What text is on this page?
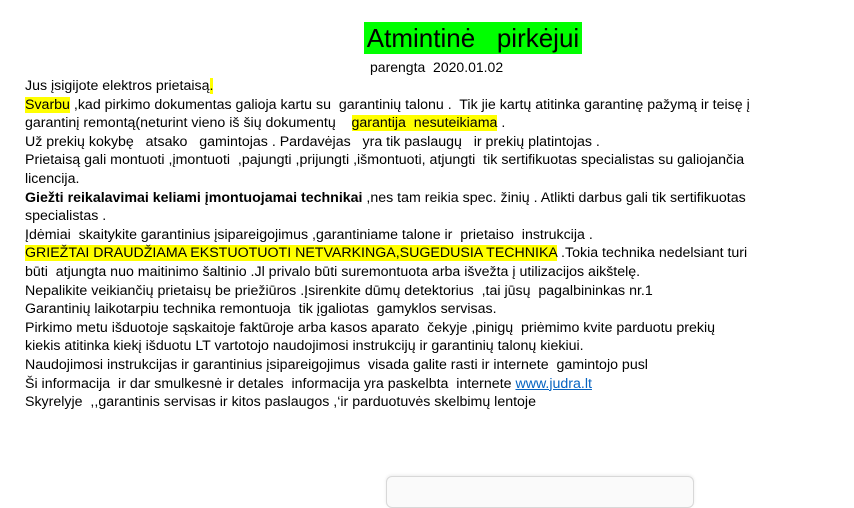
Atmintinė   pirkėjui
parengta  2020.01.02
Jus įsigijote elektros prietaisą.
Svarbu ,kad pirkimo dokumentas galioja kartu su  garantinių talonu .  Tik jie kartų atitinka garantinę pažymą ir teisę į
garantinį remontą(neturint vieno iš šių dokumentų    garantija  nesuteikiama .
Už prekių kokybę   atsako   gamintojas . Pardavėjas   yra tik paslaugų   ir prekių platintojas .
Prietaisą gali montuoti ,įmontuoti  ,pajungti ,prijungti ,išmontuoti, atjungti  tik sertifikuotas specialistas su galiojančia
licencija.
Giežti reikalavimai keliami įmontuojamai technikai ,nes tam reikia spec. žinių . Atlikti darbus gali tik sertifikuotas
specialistas .
Įdėmiai  skaitykite garantinius įsipareigojimus ,garantiniame talone ir  prietaiso  instrukcija .
GRIEŽTAI DRAUDŽIAMA EKSTUOTUOTI NETVARKINGA,SUGEDUSIA TECHNIKA .Tokia technika nedelsiant turi
būti  atjungta nuo maitinimo šaltinio .Jl privalo būti suremontuota arba išvežta į utilizacijos aikštelę.
Nepalikite veikiančių prietaisų be priežiūros .Įsirenkite dūmų detektorius  ,tai jūsų  pagalbininkas nr.1
Garantinių laikotarpiu technika remontuoja  tik įgaliotas  gamyklos servisas.
Pirkimo metu išduotoje sąskaitoje faktūroje arba kasos aparato  čekyje ,pinigų  priėmimo kvite parduotu prekių
kiekis atitinka kiekį išduotu LT vartotojo naudojimosi instrukcijų ir garantinių talonų kiekiui.
Naudojimosi instrukcijas ir garantinius įsipareigojimus  visada galite rasti ir internete  gamintojo pusl
Ši informacija  ir dar smulkesnė ir detales  informacija yra paskelbta  internete www.judra.lt
Skyrelyje  ,,garantinis servisas ir kitos paslaugos ,‘ir parduotuvės skelbimų lentoje
